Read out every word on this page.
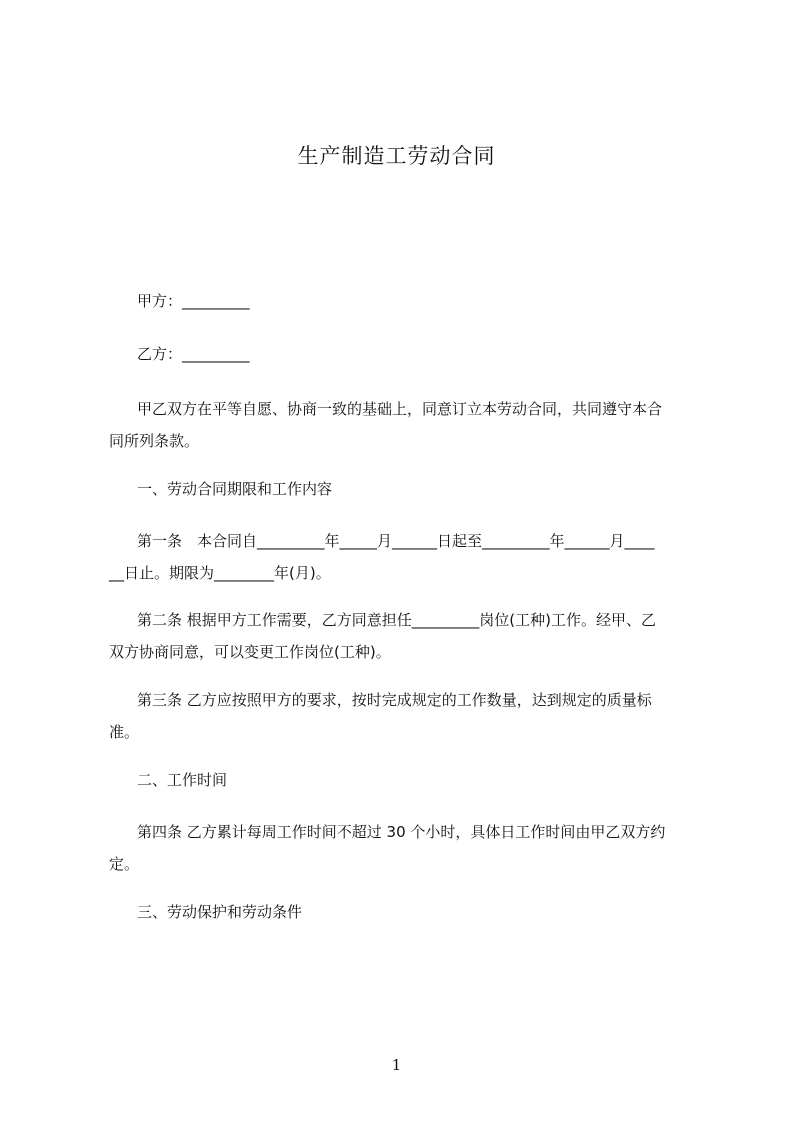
生产制造工劳动合同
甲方：_________
乙方：_________
甲乙双方在平等自愿、协商一致的基础上，同意订立本劳动合同，共同遵守本合
同所列条款。
一、劳动合同期限和工作内容
第一条　本合同自_________年_____月______日起至_________年______月____
__日止。期限为________年(月)。
第二条 根据甲方工作需要，乙方同意担任_________岗位(工种)工作。经甲、乙
双方协商同意，可以变更工作岗位(工种)。
第三条 乙方应按照甲方的要求，按时完成规定的工作数量，达到规定的质量标
准。
二、工作时间
第四条 乙方累计每周工作时间不超过 30 个小时，具体日工作时间由甲乙双方约
定。
三、劳动保护和劳动条件
1
